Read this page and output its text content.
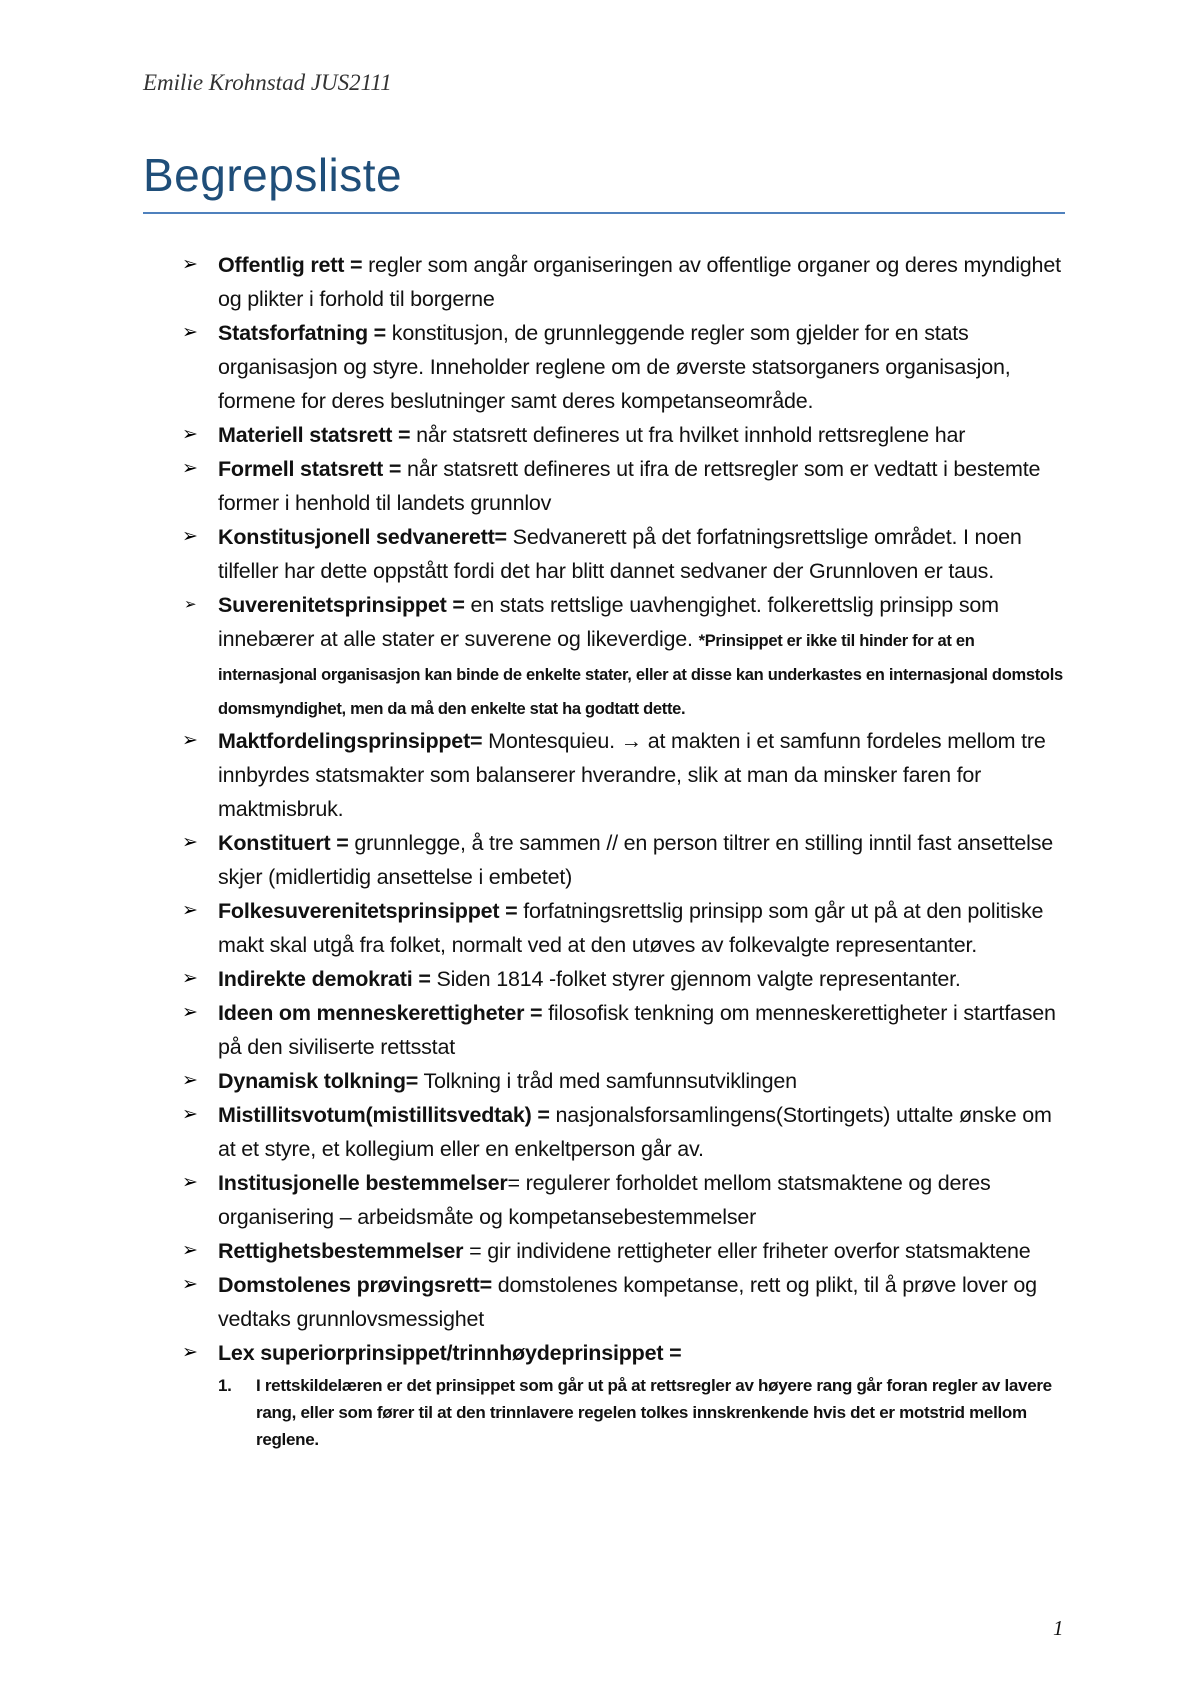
Emilie Krohnstad JUS2111
Begrepsliste
➢ Offentlig rett = regler som angår organiseringen av offentlige organer og deres myndighet og plikter i forhold til borgerne
➢ Statsforfatning = konstitusjon, de grunnleggende regler som gjelder for en stats organisasjon og styre. Inneholder reglene om de øverste statsorganers organisasjon, formene for deres beslutninger samt deres kompetanseområde.
➢ Materiell statsrett = når statsrett defineres ut fra hvilket innhold rettsreglene har
➢ Formell statsrett = når statsrett defineres ut ifra de rettsregler som er vedtatt i bestemte former i henhold til landets grunnlov
➢ Konstitusjonell sedvanerett= Sedvanerett på det forfatningsrettslige området. I noen tilfeller har dette oppstått fordi det har blitt dannet sedvaner der Grunnloven er taus.
➢ Suverenitetsprinsippet = en stats rettslige uavhengighet. folkerettslig prinsipp som innebærer at alle stater er suverene og likeverdige. *Prinsippet er ikke til hinder for at en internasjonal organisasjon kan binde de enkelte stater, eller at disse kan underkastes en internasjonal domstols domsmyndighet, men da må den enkelte stat ha godtatt dette.
➢ Maktfordelingsprinsippet= Montesquieu. → at makten i et samfunn fordeles mellom tre innbyrdes statsmakter som balanserer hverandre, slik at man da minsker faren for maktmisbruk.
➢ Konstituert = grunnlegge, å tre sammen // en person tiltrer en stilling inntil fast ansettelse skjer (midlertidig ansettelse i embetet)
➢ Folkesuverenitetsprinsippet = forfatningsrettslig prinsipp som går ut på at den politiske makt skal utgå fra folket, normalt ved at den utøves av folkevalgte representanter.
➢ Indirekte demokrati = Siden 1814 -folket styrer gjennom valgte representanter.
➢ Ideen om menneskerettigheter = filosofisk tenkning om menneskerettigheter i startfasen på den siviliserte rettsstat
➢ Dynamisk tolkning= Tolkning i tråd med samfunnsutviklingen
➢ Mistillitsvotum(mistillitsvedtak) = nasjonalsforsamlingens(Stortingets) uttalte ønske om at et styre, et kollegium eller en enkeltperson går av.
➢ Institusjonelle bestemmelser= regulerer forholdet mellom statsmaktene og deres organisering – arbeidsmåte og kompetansebestemmelser
➢ Rettighetsbestemmelser = gir individene rettigheter eller friheter overfor statsmaktene
➢ Domstolenes prøvingsrett= domstolenes kompetanse, rett og plikt, til å prøve lover og vedtaks grunnlovsmessighet
➢ Lex superiorprinsippet/trinnhøydeprinsippet =
1. I rettskildelæren er det prinsippet som går ut på at rettsregler av høyere rang går foran regler av lavere rang, eller som fører til at den trinnlavere regelen tolkes innskrenkende hvis det er motstrid mellom reglene.
1
